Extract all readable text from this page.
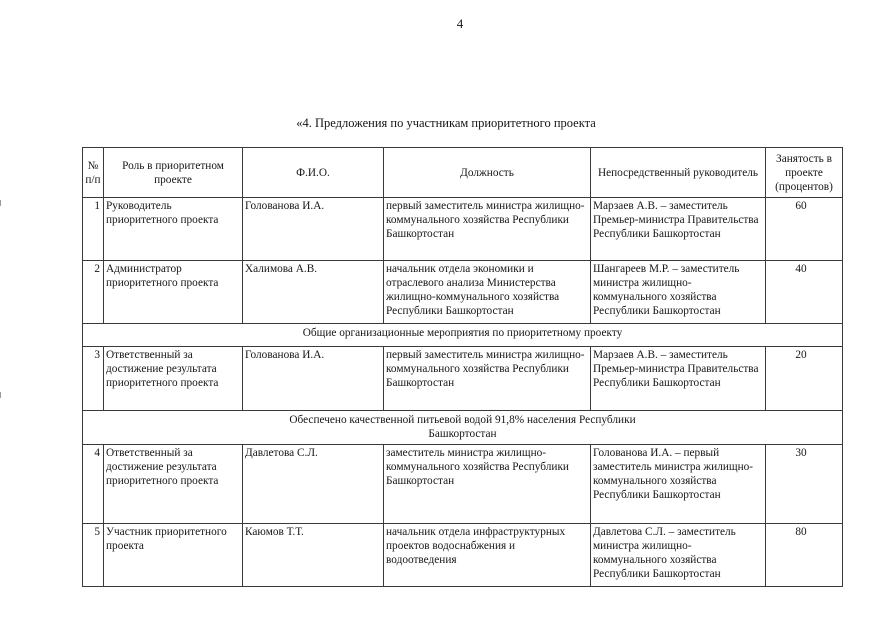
4
«4. Предложения по участникам приоритетного проекта
№ п/п	Роль в приоритетном проекте	Ф.И.О.	Должность	Непосредственный руководитель	Занятость в проекте (процентов)
1	Руководитель приоритетного проекта	Голованова И.А.	первый заместитель министра жилищно-коммунального хозяйства Республики Башкортостан	Марзаев А.В. – заместитель Премьер-министра Правительства Республики Башкортостан	60
2	Администратор приоритетного проекта	Халимова А.В.	начальник отдела экономики и отраслевого анализа Министерства жилищно-коммунального хозяйства Республики Башкортостан	Шангареев М.Р. – заместитель министра жилищно-коммунального хозяйства Республики Башкортостан	40
Общие организационные мероприятия по приоритетному проекту					
3	Ответственный за достижение результата приоритетного проекта	Голованова И.А.	первый заместитель министра жилищно-коммунального хозяйства Республики Башкортостан	Марзаев А.В. – заместитель Премьер-министра Правительства Республики Башкортостан	20

Обеспечено качественной питьевой водой 91,8% населения Республики Башкортостан					

4	Ответственный за достижение результата приоритетного проекта	Давлетова С.Л.	заместитель министра жилищно-коммунального хозяйства Республики Башкортостан	Голованова И.А. – первый заместитель министра жилищно-коммунального хозяйства Республики Башкортостан	30
5	Участник приоритетного проекта	Каюмов Т.Т.	начальник отдела инфраструктурных проектов водоснабжения и водоотведения	Давлетова С.Л. – заместитель министра жилищно-коммунального хозяйства Республики Башкортостан	80
